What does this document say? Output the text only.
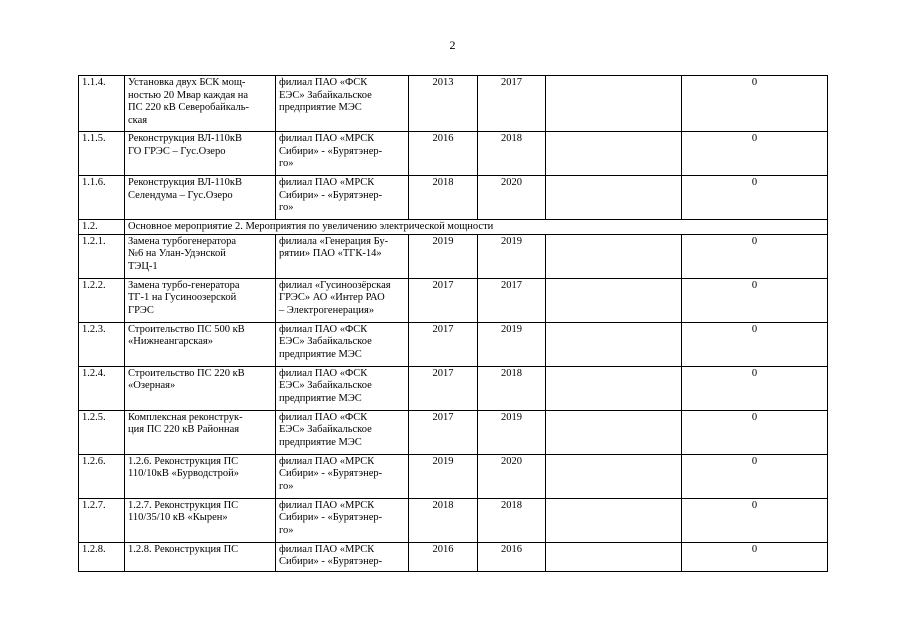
2
1.1.4.	Установка двух БСК мощ-
ностью 20 Мвар каждая на
ПС 220 кВ Северобайкаль-
ская	филиал ПАО «ФСК
ЕЭС» Забайкальское
предприятие МЭС	2013	2017		0
1.1.5.	Реконструкция ВЛ-110кВ
ГО ГРЭС – Гус.Озеро	филиал ПАО «МРСК
Сибири» - «Бурятэнер-
го»	2016	2018		0
1.1.6.	Реконструкция ВЛ-110кВ
Селендума – Гус.Озеро	филиал ПАО «МРСК
Сибири» - «Бурятэнер-
го»	2018	2020		0
1.2.	Основное мероприятие 2. Мероприятия по увеличению электрической мощности					
1.2.1.	Замена турбогенератора
№6 на Улан-Удэнской
ТЭЦ-1	филиала «Генерация Бу-
рятии» ПАО «ТГК-14»	2019	2019		0
1.2.2.	Замена турбо-генератора
ТГ-1 на Гусиноозерской
ГРЭС	филиал «Гусиноозёрская
ГРЭС» АО «Интер РАО
– Электрогенерация»	2017	2017		0
1.2.3.	Строительство ПС 500 кВ
«Нижнеангарская»	филиал ПАО «ФСК
ЕЭС» Забайкальское
предприятие МЭС	2017	2019		0
1.2.4.	Строительство ПС 220 кВ
«Озерная»	филиал ПАО «ФСК
ЕЭС» Забайкальское
предприятие МЭС	2017	2018		0
1.2.5.	Комплексная реконструк-
ция ПС 220 кВ Районная	филиал ПАО «ФСК
ЕЭС» Забайкальское
предприятие МЭС	2017	2019		0
1.2.6.	1.2.6. Реконструкция ПС
110/10кВ «Бурводстрой»	филиал ПАО «МРСК
Сибири» - «Бурятэнер-
го»	2019	2020		0
1.2.7.	1.2.7. Реконструкция ПС
110/35/10 кВ «Кырен»	филиал ПАО «МРСК
Сибири» - «Бурятэнер-
го»	2018	2018		0
1.2.8.	1.2.8. Реконструкция ПС	филиал ПАО «МРСК
Сибири» - «Бурятэнер-	2016	2016		0
